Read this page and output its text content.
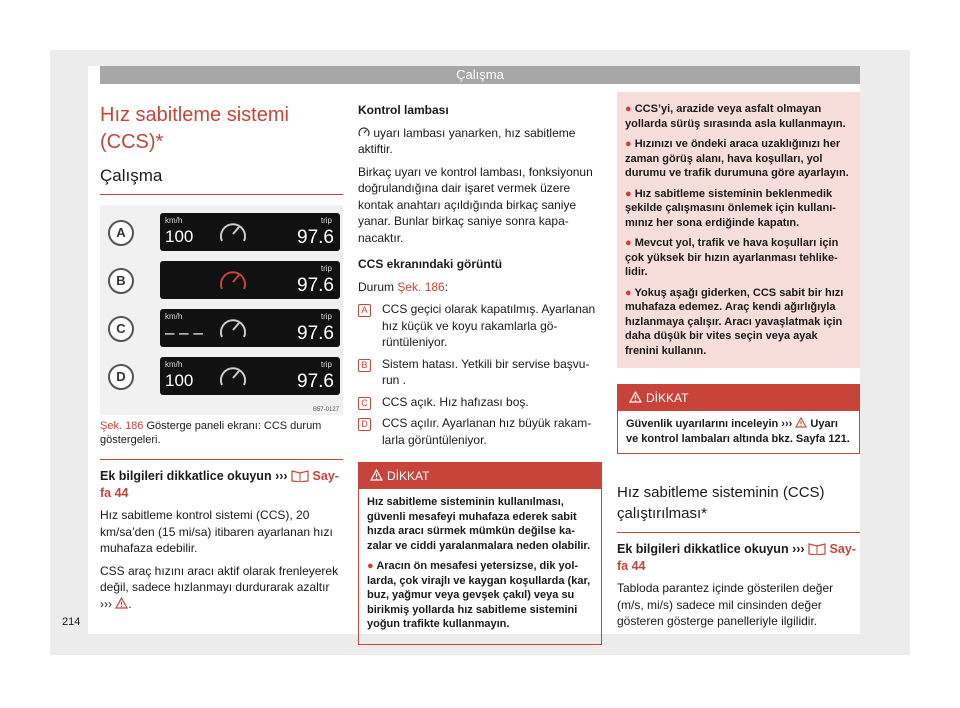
Çalışma
Hız sabitleme sistemi (CCS)*
Çalışma
A
km/h
100
trip
97.6
B
trip
97.6
C
km/h
– – –
trip
97.6
D
km/h
100
trip
97.6
B57-0127
Şek. 186 Gösterge paneli ekranı: CCS durum göstergeleri.

Ek bilgileri dikkatlice okuyun ››› Sayfa 44

Hız sabitleme kontrol sistemi (CCS), 20 km/sa’den (15 mi/sa) itibaren ayarlanan hızı muhafaza edebilir.

CSS araç hızını aracı aktif olarak frenleyerek değil, sadece hızlanmayı durdurarak azaltır ››› .

Kontrol lambası

uyarı lambası yanarken, hız sabitleme aktiftir.

Birkaç uyarı ve kontrol lambası, fonksiyonun doğrulandığına dair işaret vermek üzere kontak anahtarı açıldığında birkaç saniye yanar. Bunlar birkaç saniye sonra kapanacaktır.

CCS ekranındaki görüntü

Durum Şek. 186:

A	CCS geçici olarak kapatılmış. Ayarlanan hız küçük ve koyu rakamlarla görüntüleniyor.
B	Sistem hatası. Yetkili bir servise başvurun .
C	CCS açık. Hız hafızası boş.
D	CCS açılır. Ayarlanan hız büyük rakamlarla görüntüleniyor.
DİKKAT

Hız sabitleme sisteminin kullanılması, güvenli mesafeyi muhafaza ederek sabit hızda aracı sürmek mümkün değilse kazalar ve ciddi yaralanmalara neden olabilir.

● Aracın ön mesafesi yetersizse, dik yollarda, çok virajlı ve kaygan koşullarda (kar, buz, yağmur veya gevşek çakıl) veya su birikmiş yollarda hız sabitleme sistemini yoğun trafikte kullanmayın.

● CCS’yi, arazide veya asfalt olmayan yollarda sürüş sırasında asla kullanmayın.

● Hızınızı ve öndeki araca uzaklığınızı her zaman görüş alanı, hava koşulları, yol durumu ve trafik durumuna göre ayarlayın.

● Hız sabitleme sisteminin beklenmedik şekilde çalışmasını önlemek için kullanımınız her sona erdiğinde kapatın.

● Mevcut yol, trafik ve hava koşulları için çok yüksek bir hızın ayarlanması tehlikelidir.

● Yokuş aşağı giderken, CCS sabit bir hızı muhafaza edemez. Araç kendi ağırlığıyla hızlanmaya çalışır. Aracı yavaşlatmak için daha düşük bir vites seçin veya ayak frenini kullanın.

DİKKAT
Güvenlik uyarılarını inceleyin ››› Uyarı ve kontrol lambaları altında bkz. Sayfa 121.
Hız sabitleme sisteminin (CCS) çalıştırılması*

Ek bilgileri dikkatlice okuyun ››› Sayfa 44

Tabloda parantez içinde gösterilen değer (m/s, mi/s) sadece mil cinsinden değer gösteren gösterge panelleriyle ilgilidir.

214
